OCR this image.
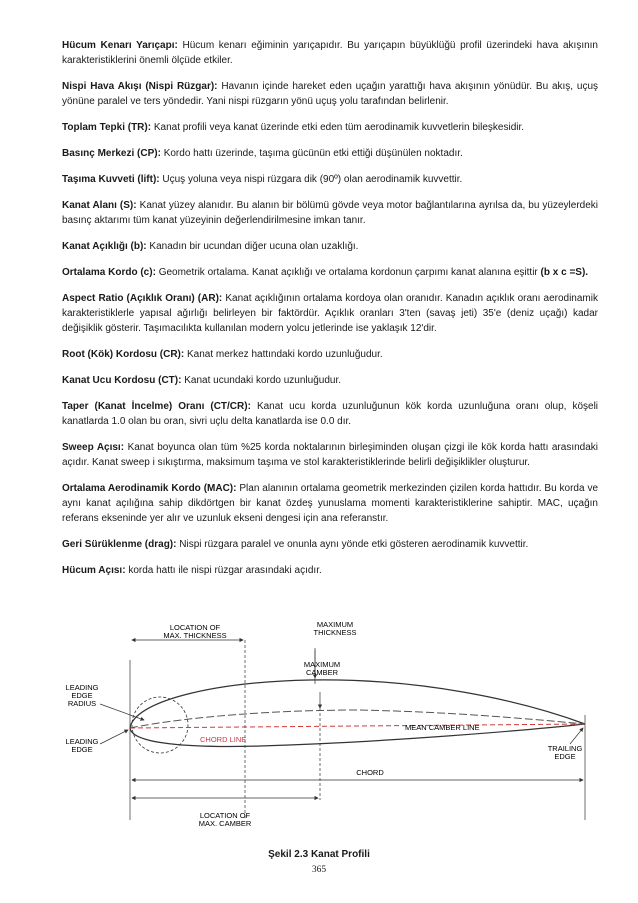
Hücum Kenarı Yarıçapı: Hücum kenarı eğiminin yarıçapıdır. Bu yarıçapın büyüklüğü profil üzerindeki hava akışının karakteristiklerini önemli ölçüde etkiler.

Nispi Hava Akışı (Nispi Rüzgar): Havanın içinde hareket eden uçağın yarattığı hava akışının yönüdür. Bu akış, uçuş yönüne paralel ve ters yöndedir. Yani nispi rüzgarın yönü uçuş yolu tarafından belirlenir.

Toplam Tepki (TR): Kanat profili veya kanat üzerinde etki eden tüm aerodinamik kuvvetlerin bileşkesidir.

Basınç Merkezi (CP): Kordo hattı üzerinde, taşıma gücünün etki ettiği düşünülen noktadır.

Taşıma Kuvveti (lift): Uçuş yoluna veya nispi rüzgara dik (90º) olan aerodinamik kuvvettir.

Kanat Alanı (S): Kanat yüzey alanıdır. Bu alanın bir bölümü gövde veya motor bağlantılarına ayrılsa da, bu yüzeylerdeki basınç aktarımı tüm kanat yüzeyinin değerlendirilmesine imkan tanır.

Kanat Açıklığı (b): Kanadın bir ucundan diğer ucuna olan uzaklığı.

Ortalama Kordo (c): Geometrik ortalama. Kanat açıklığı ve ortalama kordonun çarpımı kanat alanına eşittir (b x c =S).

Aspect Ratio (Açıklık Oranı) (AR): Kanat açıklığının ortalama kordoya olan oranıdır. Kanadın açıklık oranı aerodinamik karakteristiklerle yapısal ağırlığı belirleyen bir faktördür. Açıklık oranları 3'ten (savaş jeti) 35'e (deniz uçağı) kadar değişiklik gösterir. Taşımacılıkta kullanılan modern yolcu jetlerinde ise yaklaşık 12'dir.

Root (Kök) Kordosu (CR): Kanat merkez hattındaki kordo uzunluğudur.

Kanat Ucu Kordosu (CT): Kanat ucundaki kordo uzunluğudur.

Taper (Kanat İncelme) Oranı (CT/CR): Kanat ucu korda uzunluğunun kök korda uzunluğuna oranı olup, köşeli kanatlarda 1.0 olan bu oran, sivri uçlu delta kanatlarda ise 0.0 dır.

Sweep Açısı: Kanat boyunca olan tüm %25 korda noktalarının birleşiminden oluşan çizgi ile kök korda hattı arasındaki açıdır. Kanat sweep i sıkıştırma, maksimum taşıma ve stol karakteristiklerinde belirli değişiklikler oluşturur.

Ortalama Aerodinamik Kordo (MAC): Plan alanının ortalama geometrik merkezinden çizilen korda hattıdır. Bu korda ve aynı kanat açılığına sahip dikdörtgen bir kanat özdeş yunuslama momenti karakteristiklerine sahiptir. MAC, uçağın referans ekseninde yer alır ve uzunluk ekseni dengesi için ana referanstır.

Geri Sürüklenme (drag): Nispi rüzgara paralel ve onunla aynı yönde etki gösteren aerodinamik kuvvettir.

Hücum Açısı: korda hattı ile nispi rüzgar arasındaki açıdır.

LOCATION OF
MAX. THICKNESS
MAXIMUM
THICKNESS
MAXIMUM
CAMBER
LEADING
EDGE
RADIUS
CHORD LINE
MEAN CAMBER LINE
LEADING
EDGE	TRAILING
EDGE
CHORD
LOCATION OF
MAX. CAMBER
Şekil 2.3 Kanat Profili
365
